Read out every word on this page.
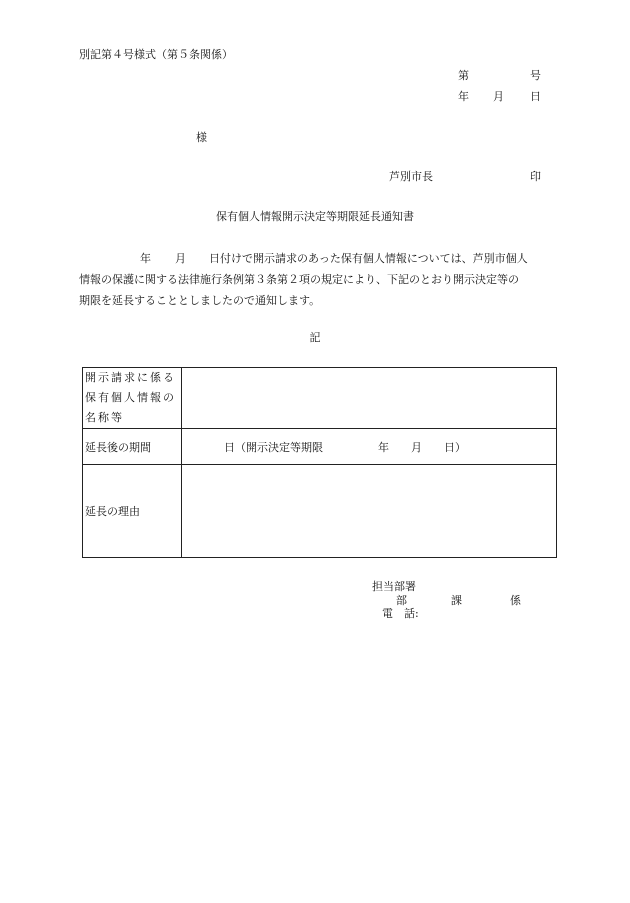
別記第４号様式（第５条関係）
第	号
年 月 日
様
芦別市長	印
保有個人情報開示決定等期限延長通知書

年 月 日付けで開示請求のあった保有個人情報については、芦別市個人

情報の保護に関する法律施行条例第３条第２項の規定により、下記のとおり開示決定等の

期限を延長することとしましたので通知します。

記
開示請求に係る
保有個人情報の
名称等	

延長後の期間	日（開示決定等期限　　　　　年　　月　　日）

延長の理由	
担当部署
部	課	係
電　話:
